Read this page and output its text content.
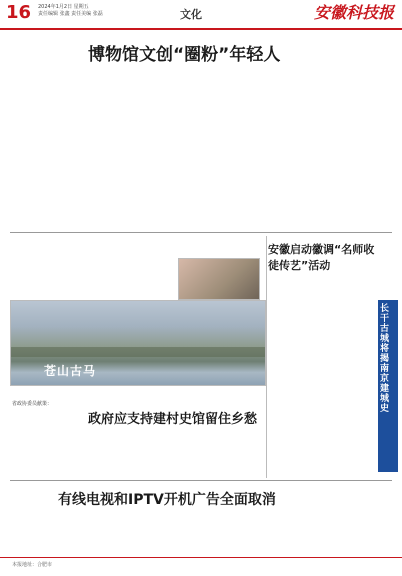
16 2024年1月2日 星期五
责任编辑 张鑫 责任美编 张磊	文化	安徽科技报
博物馆文创“圈粉”年轻人
安徽启动徽调“名师收徒传艺”活动
苍山古马
省政协委员献策：
政府应支持建村史馆留住乡愁
长干古城将揭南京建城史
有线电视和IPTV开机广告全面取消
本报地址：合肥市
